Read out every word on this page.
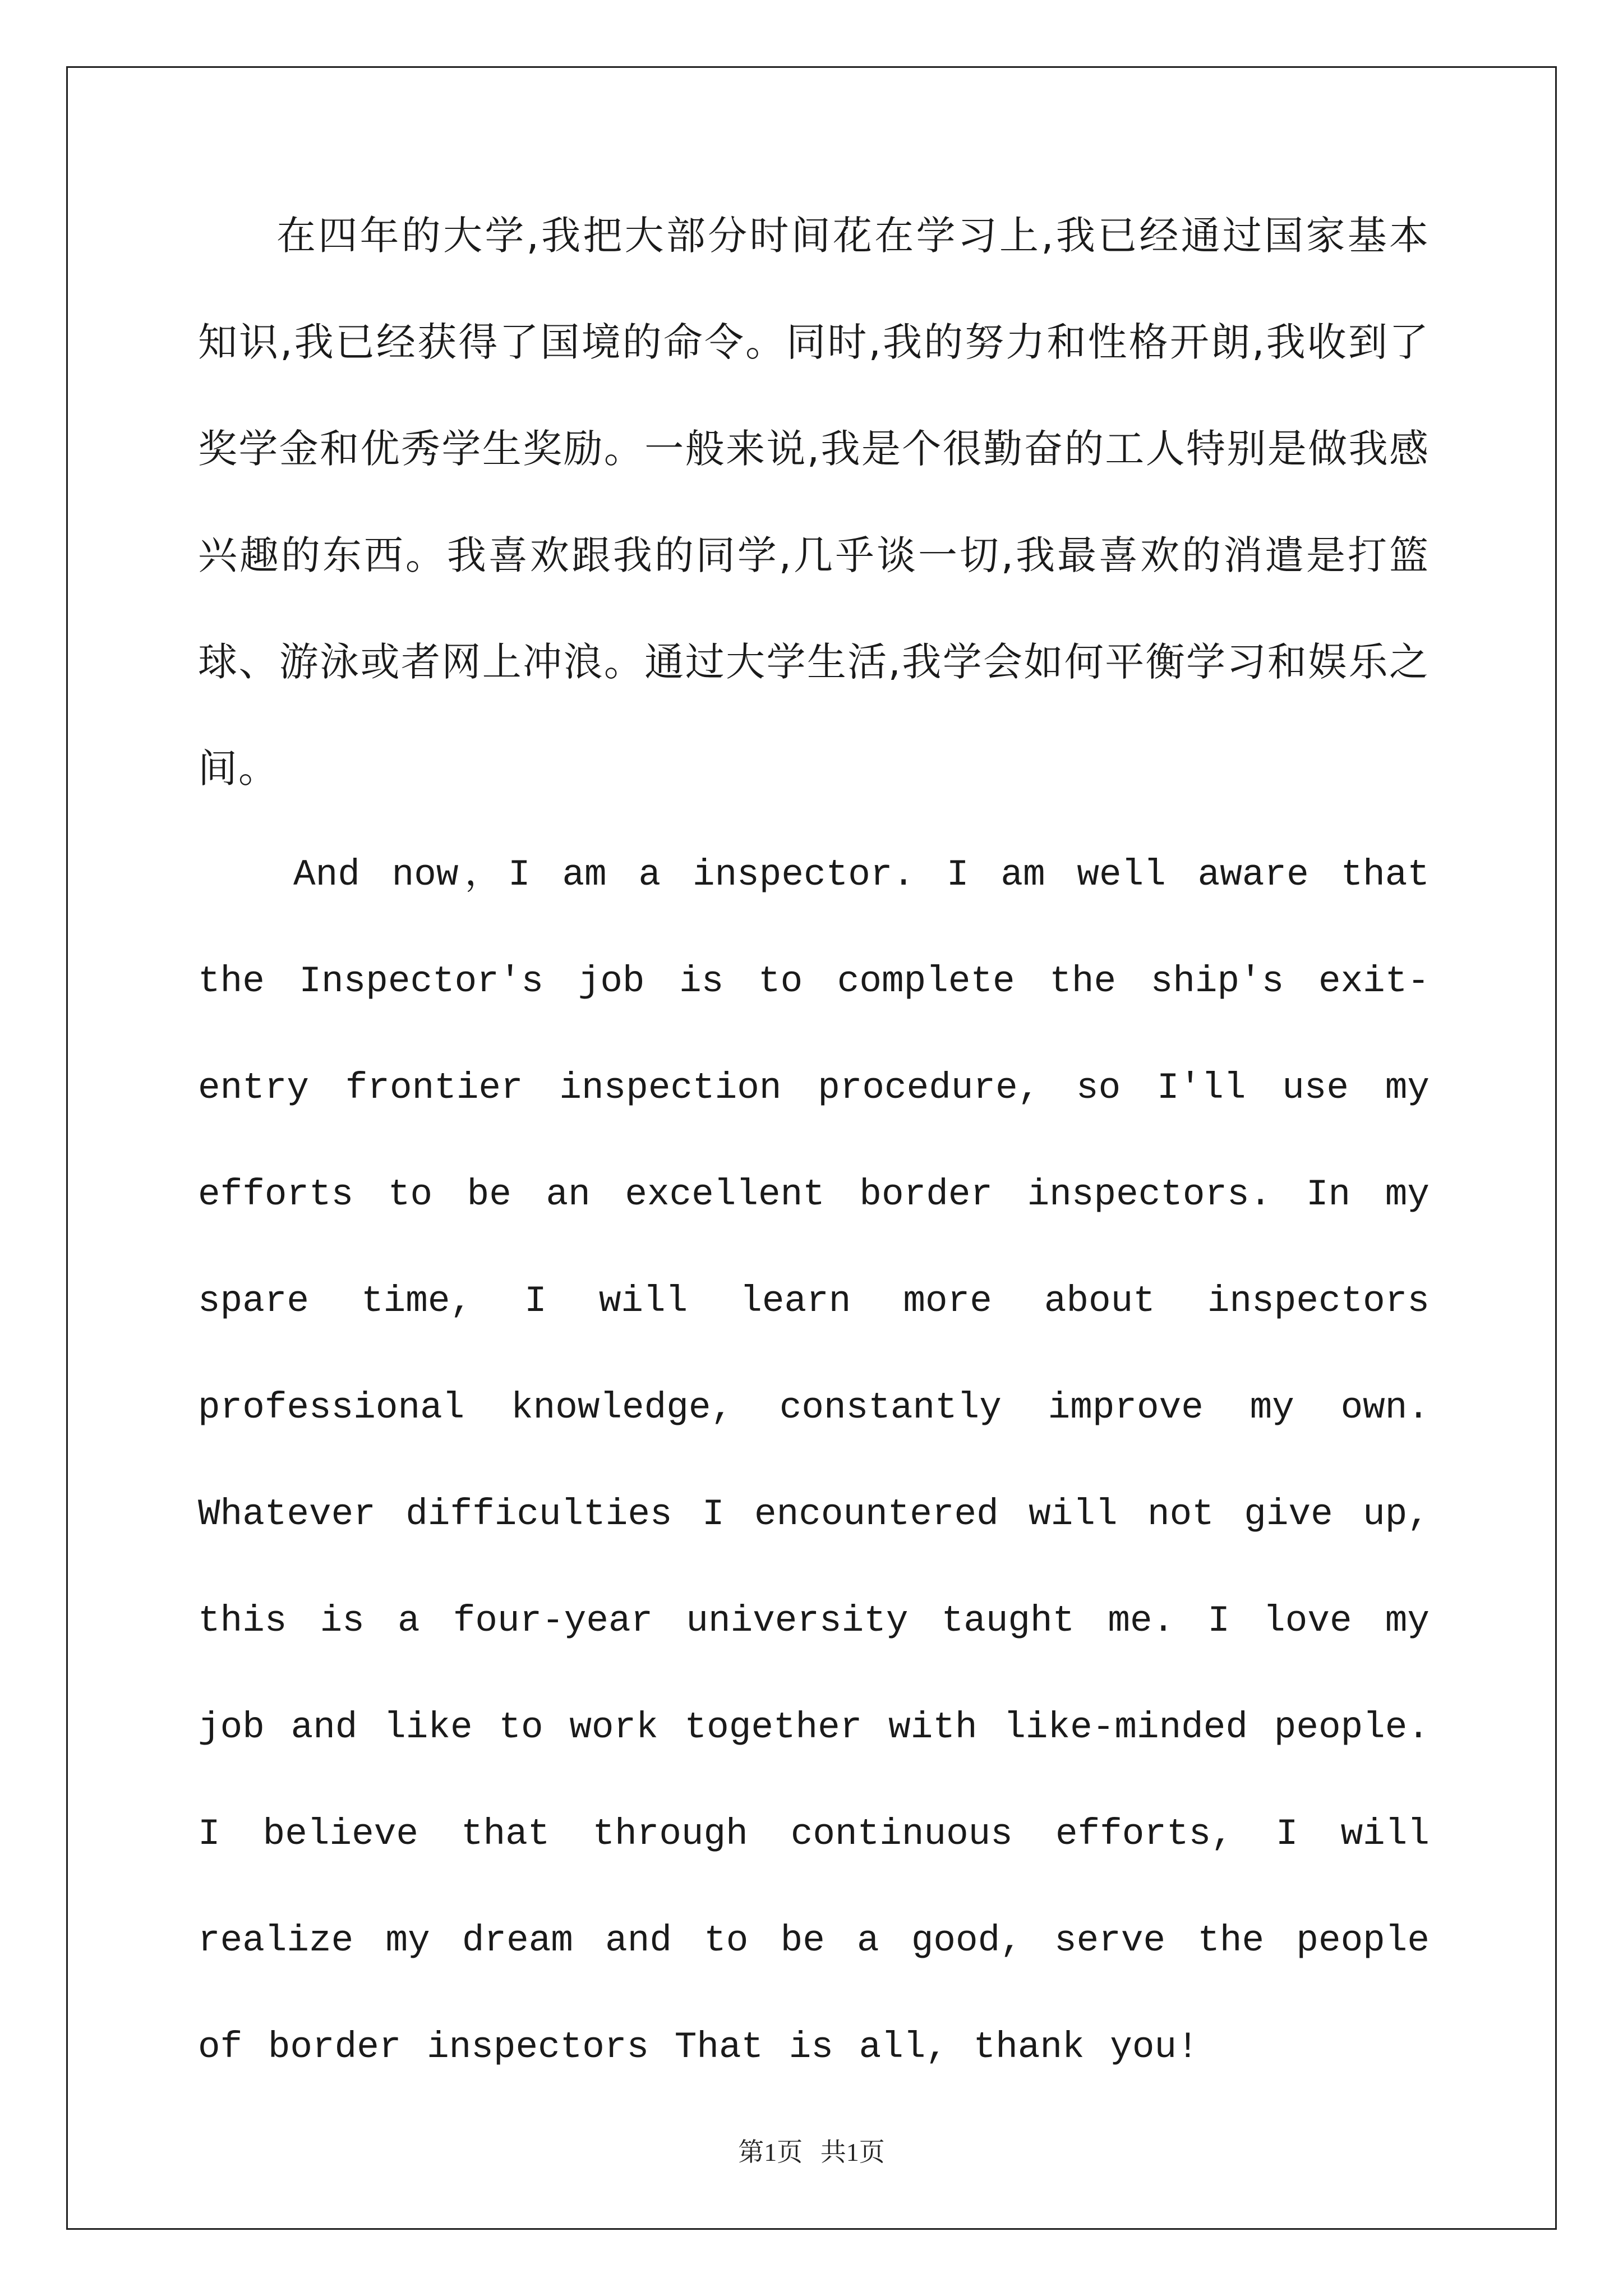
在四年的大学,我把大部分时间花在学习上,我已经通过国家基本知识,我已经获得了国境的命令。同时,我的努力和性格开朗,我收到了奖学金和优秀学生奖励。一般来说,我是个很勤奋的工人特别是做我感兴趣的东西。我喜欢跟我的同学,几乎谈一切,我最喜欢的消遣是打篮球、游泳或者网上冲浪。通过大学生活,我学会如何平衡学习和娱乐之间。

And now，I am a inspector. I am well aware that the Inspector's job is to complete the ship's exit-entry frontier inspection procedure, so I'll use my efforts to be an excellent border inspectors. In my spare time, I will learn more about inspectors professional knowledge, constantly improve my own. Whatever difficulties I encountered will not give up, this is a four-year university taught me. I love my job and like to work together with like-minded people. I believe that through continuous efforts, I will realize my dream and to be a good, serve the people of border inspectors That is all, thank you!

第1页 共1页
